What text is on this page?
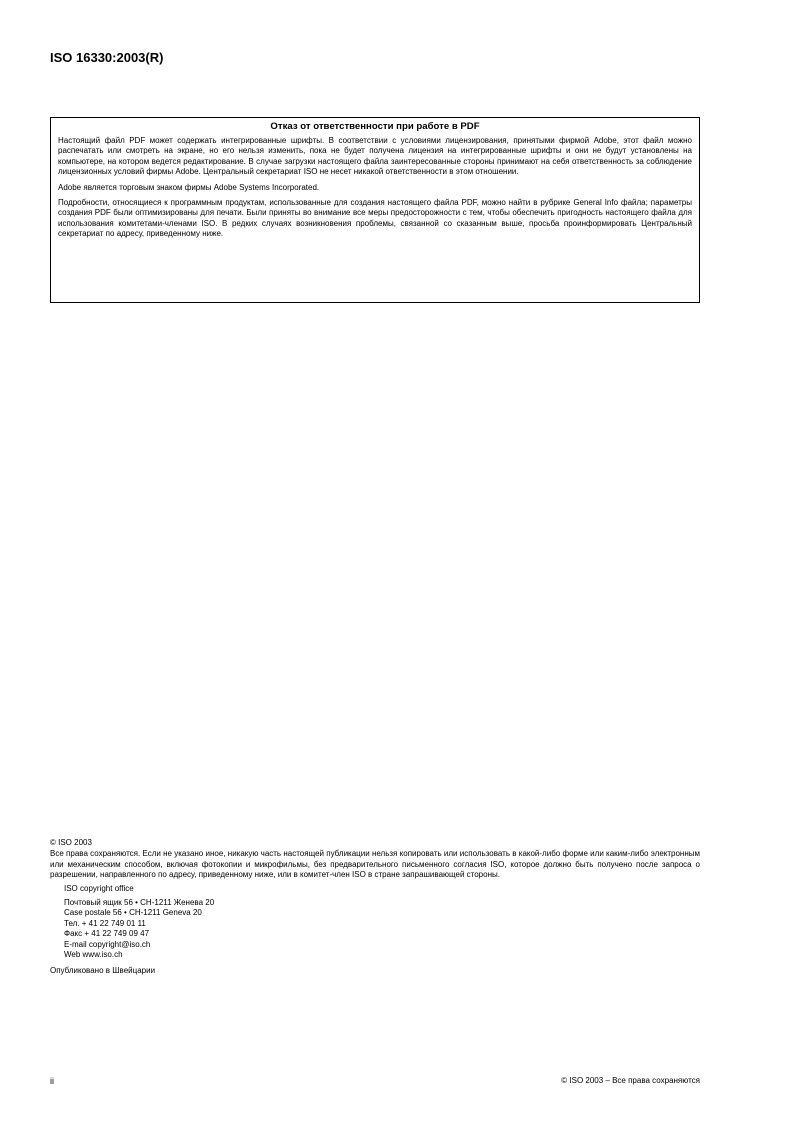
ISO 16330:2003(R)
Отказ от ответственности при работе в PDF

Настоящий файл PDF может содержать интегрированные шрифты. В соответствии с условиями лицензирования, принятыми фирмой Adobe, этот файл можно распечатать или смотреть на экране, но его нельзя изменить, пока не будет получена лицензия на интегрированные шрифты и они не будут установлены на компьютере, на котором ведется редактирование. В случае загрузки настоящего файла заинтересованные стороны принимают на себя ответственность за соблюдение лицензионных условий фирмы Adobe. Центральный секретариат ISO не несет никакой ответственности в этом отношении.

Adobe является торговым знаком фирмы Adobe Systems Incorporated.

Подробности, относящиеся к программным продуктам, использованные для создания настоящего файла PDF, можно найти в рубрике General Info файла; параметры создания PDF были оптимизированы для печати. Были приняты во внимание все меры предосторожности с тем, чтобы обеспечить пригодность настоящего файла для использования комитетами-членами ISO. В редких случаях возникновения проблемы, связанной со сказанным выше, просьба проинформировать Центральный секретариат по адресу, приведенному ниже.

© ISO 2003

Все права сохраняются. Если не указано иное, никакую часть настоящей публикации нельзя копировать или использовать в какой-либо форме или каким-либо электронным или механическим способом, включая фотокопии и микрофильмы, без предварительного письменного согласия ISO, которое должно быть получено после запроса о разрешении, направленного по адресу, приведенному ниже, или в комитет-член ISO в стране запрашивающей стороны.

ISO copyright office
Почтовый ящик 56 • CH-1211 Женева 20
Case postale 56 • CH-1211 Geneva 20
Тел. + 41 22 749 01 11
Факс + 41 22 749 09 47
E-mail copyright@iso.ch
Web www.iso.ch

Опубликовано в Швейцарии

ii	© ISO 2003 – Все права сохраняются
